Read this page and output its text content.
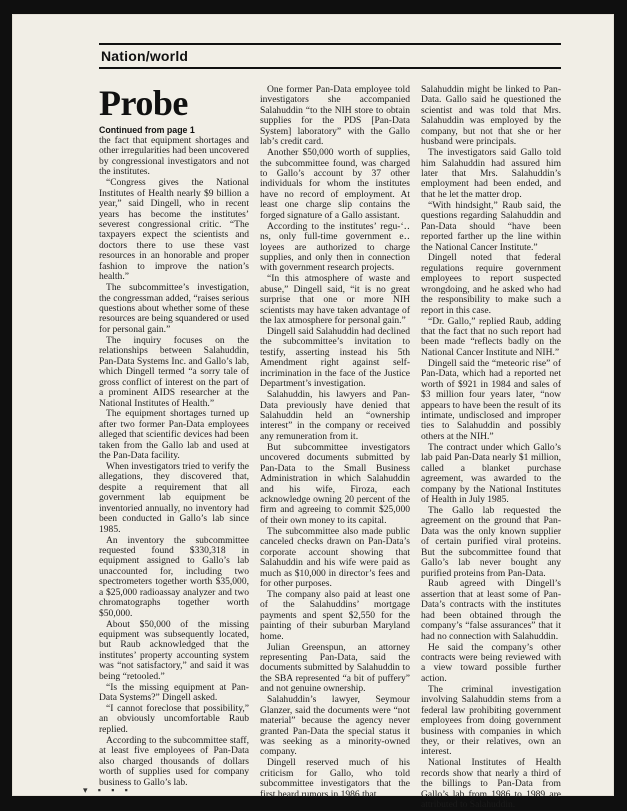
Nation/world
Probe
Continued from page 1

the fact that equipment shortages and other irregularities had been uncovered by congressional investigators and not the institutes.

“Congress gives the National Institutes of Health nearly $9 billion a year,” said Dingell, who in recent years has become the institutes’ severest congressional critic. “The taxpayers expect the scientists and doctors there to use these vast resources in an honorable and proper fashion to improve the nation’s health.”

The subcommittee’s investigation, the congressman added, “raises serious questions about whether some of these resources are being squandered or used for personal gain.”

The inquiry focuses on the relationships between Salahuddin, Pan-Data Systems Inc. and Gallo’s lab, which Dingell termed “a sorry tale of gross conflict of interest on the part of a prominent AIDS researcher at the National Institutes of Health.”

The equipment shortages turned up after two former Pan-Data employees alleged that scientific devices had been taken from the Gallo lab and used at the Pan-Data facility.

When investigators tried to verify the allegations, they discovered that, despite a requirement that all government lab equipment be inventoried annually, no inventory had been conducted in Gallo’s lab since 1985.

An inventory the subcommittee requested found $330,318 in equipment assigned to Gallo’s lab unaccounted for, including two spectrometers together worth $35,000, a $25,000 radioassay analyzer and two chromatographs together worth $50,000.

About $50,000 of the missing equipment was subsequently located, but Raub acknowledged that the institutes’ property accounting system was “not satisfactory,” and said it was being “retooled.”

“Is the missing equipment at Pan-Data Systems?” Dingell asked.

“I cannot foreclose that possibility,” an obviously uncomfortable Raub replied.

According to the subcommittee staff, at least five employees of Pan-Data also charged thousands of dollars worth of supplies used for company business to Gallo’s lab.

One former Pan-Data employee told investigators she accompanied Salahuddin “to the NIH store to obtain supplies for the PDS [Pan-Data System] laboratory” with the Gallo lab’s credit card.

Another $50,000 worth of supplies, the subcommittee found, was charged to Gallo’s account by 37 other individuals for whom the institutes have no record of employment. At least one charge slip contains the forged signature of a Gallo assistant.

According to the institutes’ regu-‘‥ns, only full-time government e‥ loyees are authorized to charge supplies, and only then in connection with government research projects.

“In this atmosphere of waste and abuse,” Dingell said, “it is no great surprise that one or more NIH scientists may have taken advantage of the lax atmosphere for personal gain.”

Dingell said Salahuddin had declined the subcommittee’s invitation to testify, asserting instead his 5th Amendment right against self-incrimination in the face of the Justice Department’s investigation.

Salahuddin, his lawyers and Pan-Data previously have denied that Salahuddin held an “ownership interest” in the company or received any remuneration from it.

But subcommittee investigators uncovered documents submitted by Pan-Data to the Small Business Administration in which Salahuddin and his wife, Firoza, each acknowledge owning 20 percent of the firm and agreeing to commit $25,000 of their own money to its capital.

The subcommittee also made public canceled checks drawn on Pan-Data’s corporate account showing that Salahuddin and his wife were paid as much as $10,000 in director’s fees and for other purposes.

The company also paid at least one of the Salahuddins’ mortgage payments and spent $2,550 for the painting of their suburban Maryland home.

Julian Greenspun, an attorney representing Pan-Data, said the documents submitted by Salahuddin to the SBA represented “a bit of puffery” and not genuine ownership.

Salahuddin’s lawyer, Seymour Glanzer, said the documents were “not material” because the agency never granted Pan-Data the special status it was seeking as a minority-owned company.

Dingell reserved much of his criticism for Gallo, who told subcommittee investigators that the first heard rumors in 1986 that

Salahuddin might be linked to Pan-Data. Gallo said he questioned the scientist and was told that Mrs. Salahuddin was employed by the company, but not that she or her husband were principals.

The investigators said Gallo told him Salahuddin had assured him later that Mrs. Salahuddin’s employment had been ended, and that he let the matter drop.

“With hindsight,” Raub said, the questions regarding Salahuddin and Pan-Data should “have been reported farther up the line within the National Cancer Institute.”

Dingell noted that federal regulations require government employees to report suspected wrongdoing, and he asked who had the responsibility to make such a report in this case.

“Dr. Gallo,” replied Raub, adding that the fact that no such report had been made “reflects badly on the National Cancer Institute and NIH.”

Dingell said the “meteoric rise” of Pan-Data, which had a reported net worth of $921 in 1984 and sales of $3 million four years later, “now appears to have been the result of its intimate, undisclosed and improper ties to Salahuddin and possibly others at the NIH.”

The contract under which Gallo’s lab paid Pan-Data nearly $1 million, called a blanket purchase agreement, was awarded to the company by the National Institutes of Health in July 1985.

The Gallo lab requested the agreement on the ground that Pan-Data was the only known supplier of certain purified viral proteins. But the subcommittee found that Gallo’s lab never bought any purified proteins from Pan-Data.

Raub agreed with Dingell’s assertion that at least some of Pan-Data’s contracts with the institutes had been obtained through the company’s “false assurances” that it had no connection with Salahuddin.

He said the company’s other contracts were being reviewed with a view toward possible further action.

The criminal investigation involving Salahuddin stems from a federal law prohibiting government employees from doing government business with companies in which they, or their relatives, own an interest.

National Institutes of Health records show that nearly a third of the billings to Pan-Data from Gallo’s lab from 1986 to 1989 are attributed to Salahuddin.

▾ ▪ ▪ ▪
